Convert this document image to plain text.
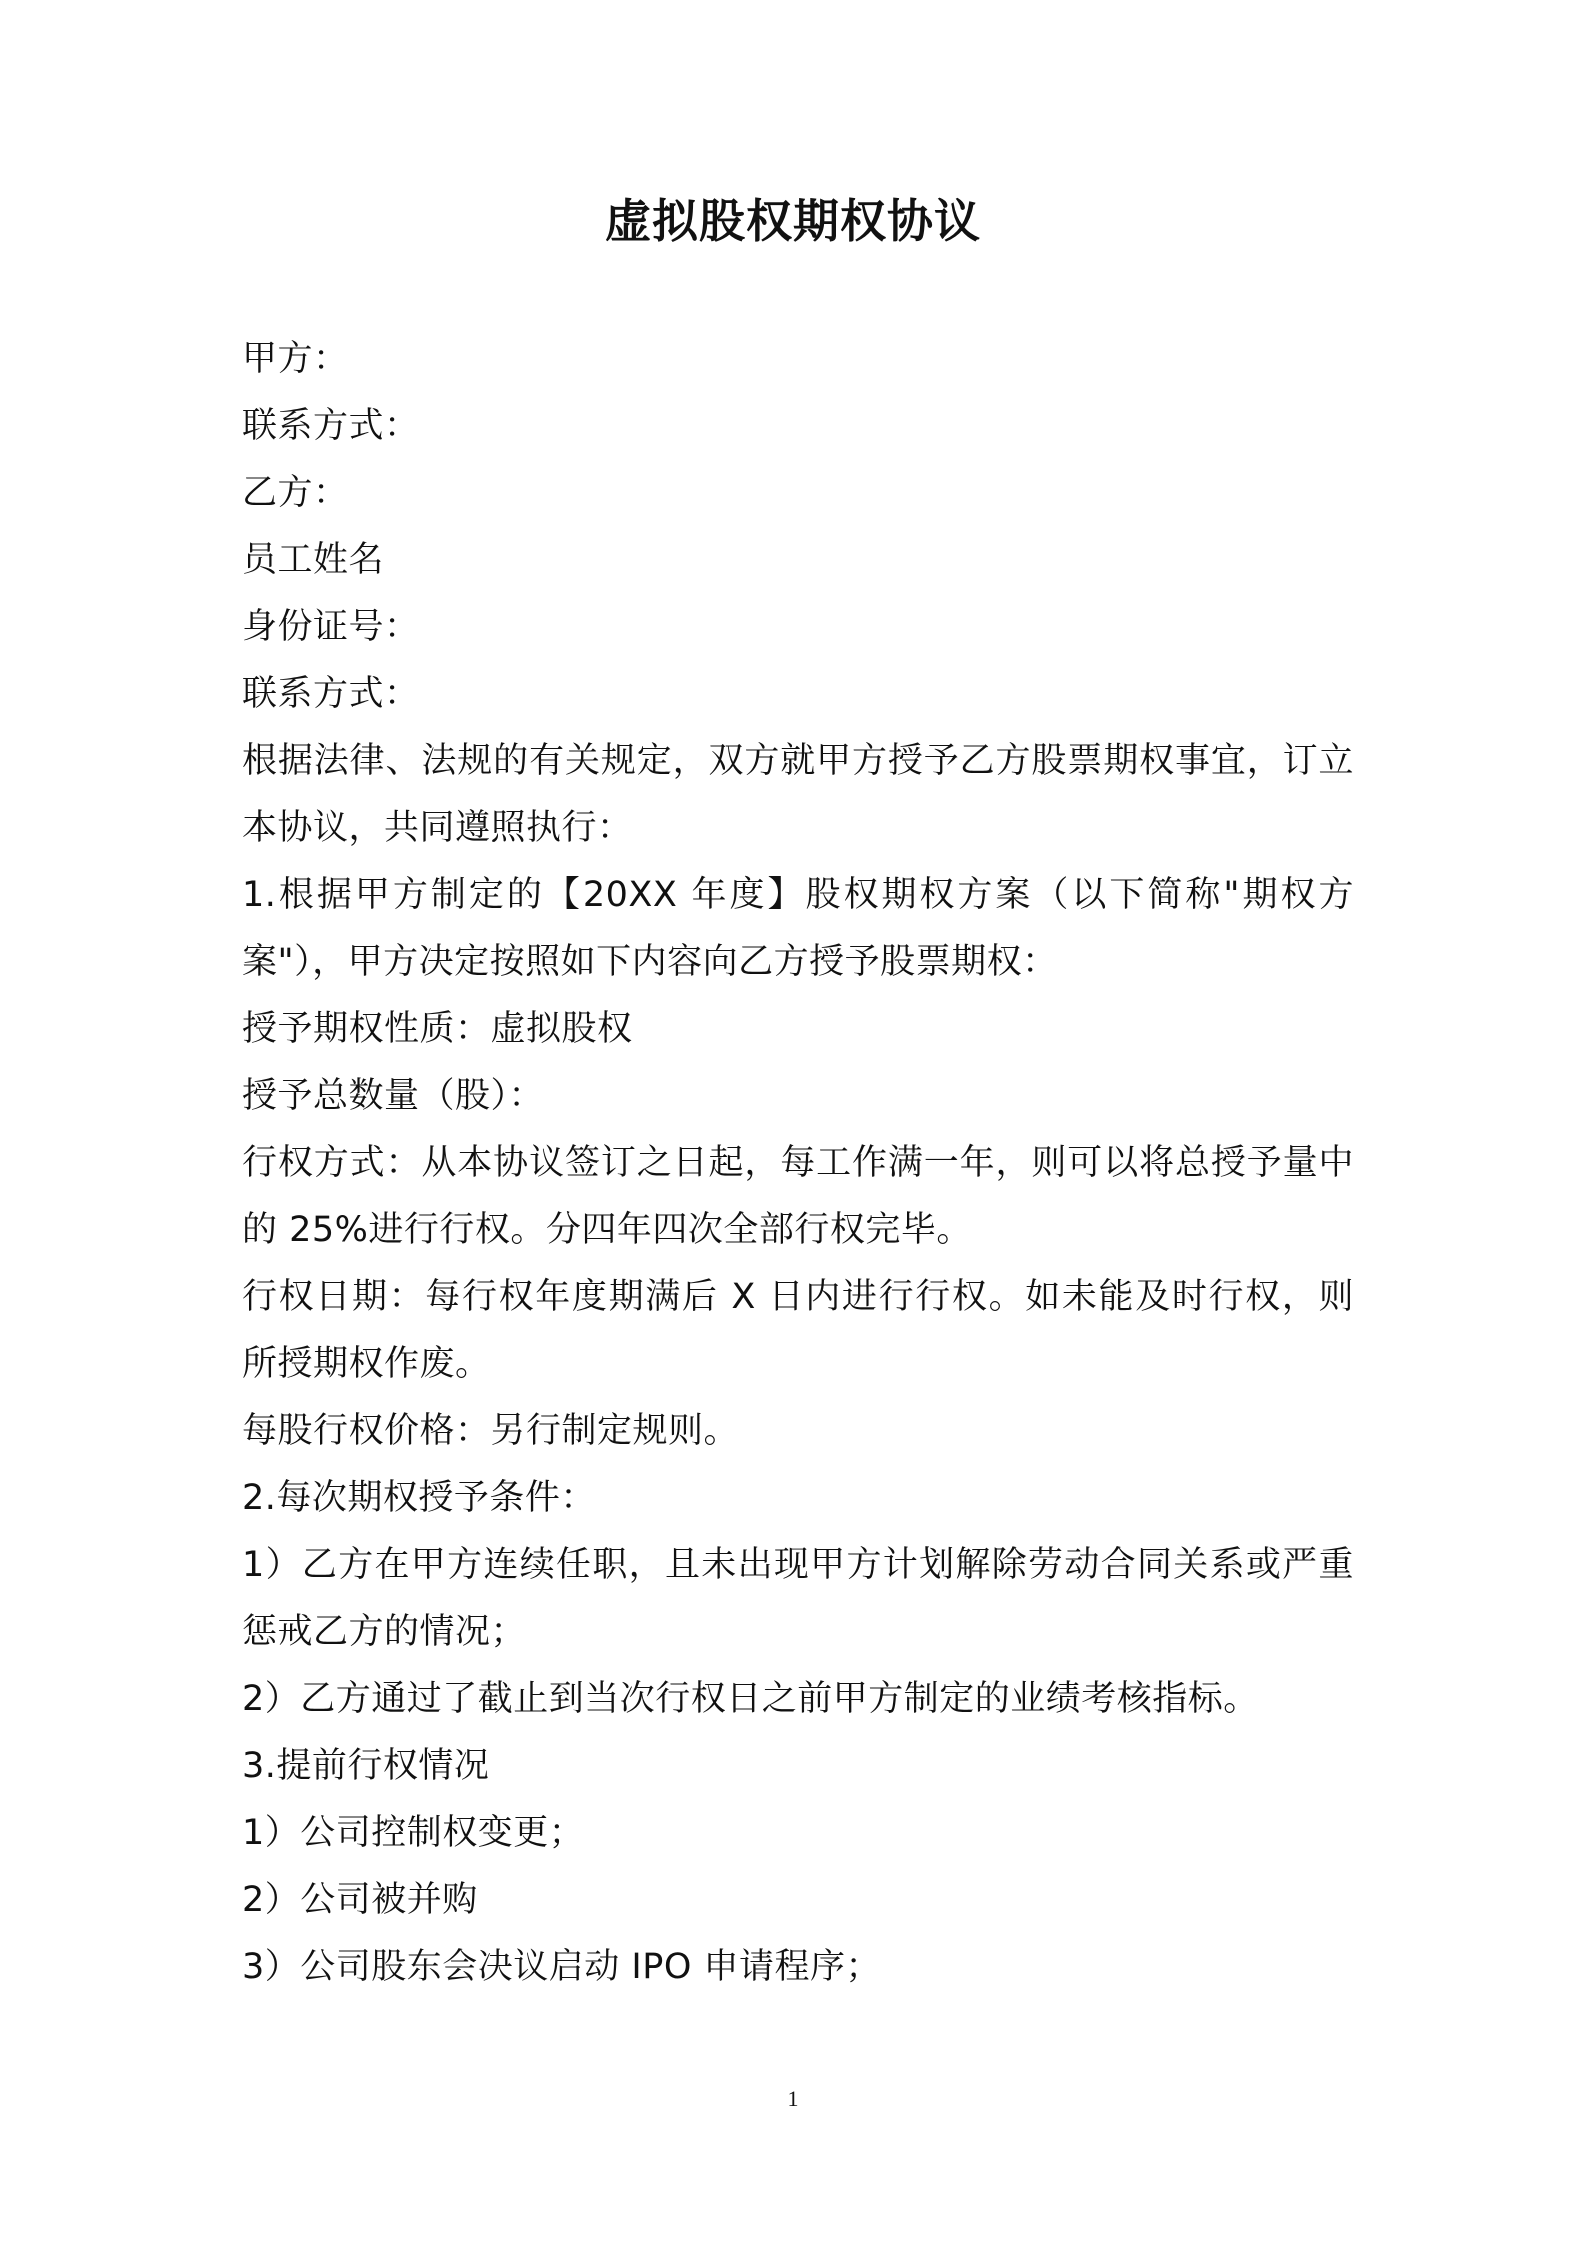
虚拟股权期权协议

甲方：

联系方式：

乙方：

员工姓名

身份证号：

联系方式：

根据法律、法规的有关规定，双方就甲方授予乙方股票期权事宜，订立本协议，共同遵照执行：

1.根据甲方制定的【20XX 年度】股权期权方案（以下简称"期权方案"），甲方决定按照如下内容向乙方授予股票期权：

授予期权性质：虚拟股权

授予总数量（股）：

行权方式：从本协议签订之日起，每工作满一年，则可以将总授予量中的 25%进行行权。分四年四次全部行权完毕。

行权日期：每行权年度期满后 X 日内进行行权。如未能及时行权，则所授期权作废。

每股行权价格：另行制定规则。

2.每次期权授予条件：

1）乙方在甲方连续任职，且未出现甲方计划解除劳动合同关系或严重惩戒乙方的情况；

2）乙方通过了截止到当次行权日之前甲方制定的业绩考核指标。

3.提前行权情况

1）公司控制权变更；

2）公司被并购

3）公司股东会决议启动 IPO 申请程序；

1
